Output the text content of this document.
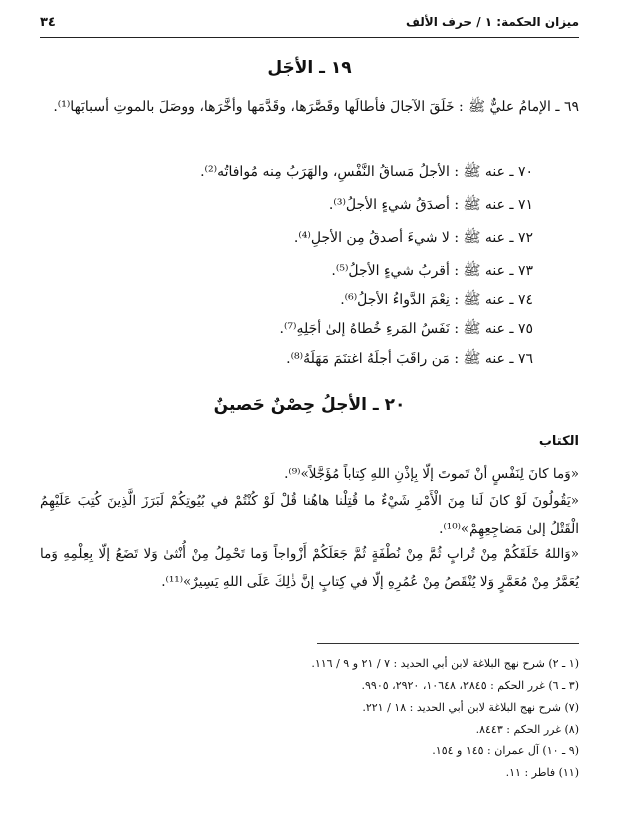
ميزان الحكمة: ١ / حرف الألف
٣٤
١٩ ـ الأجَل
٦٩ ـ الإمامُ عليٌّ ﷺ : خَلَقَ الآجالَ فأطالَها وقَصَّرَها، وقَدَّمَها وأخَّرَها، ووصَلَ بالموتِ أسبابَها⁽¹⁾.
٧٠ ـ عنه ﷺ : الأجلُ مَساقُ النَّفْسِ، والهَرَبُ مِنه مُوافاتُه⁽²⁾.
٧١ ـ عنه ﷺ : أصدَقُ شيءٍ الأجلُ⁽³⁾.
٧٢ ـ عنه ﷺ : لا شيءَ أصدقُ مِن الأجلِ⁽⁴⁾.
٧٣ ـ عنه ﷺ : أقربُ شيءٍ الأجلُ⁽⁵⁾.
٧٤ ـ عنه ﷺ : نِعْمَ الدَّواءُ الأجلُ⁽⁶⁾.
٧٥ ـ عنه ﷺ : نَفَسُ المَرءِ خُطاهُ إلىٰ أجَلِهِ⁽⁷⁾.
٧٦ ـ عنه ﷺ : مَن راقَبَ أجلَهُ اغتنَمَ مَهَلَهُ⁽⁸⁾.
٢٠ ـ الأجلُ حِصْنٌ حَصينٌ
الكتاب
«وَما كانَ لِنَفْسٍ أنْ تَموتَ إلّا بِإذْنِ اللهِ كِتاباً مُؤَجَّلاً»⁽⁹⁾.
«يَقُولُونَ لَوْ كانَ لَنا مِنَ الْأَمْرِ شَيْءٌ ما قُتِلْنا هاهُنا قُلْ لَوْ كُنْتُمْ في بُيُوتِكُمْ لَبَرَزَ الَّذِينَ كُتِبَ عَلَيْهِمُ الْقَتْلُ إلىٰ مَضاجِعِهِمْ»⁽¹⁰⁾.
«وَاللهُ خَلَقَكُمْ مِنْ تُرابٍ ثُمَّ مِنْ نُطْفَةٍ ثُمَّ جَعَلَكُمْ أَزْواجاً وَما تَحْمِلُ مِنْ أُنْثىٰ وَلا تَضَعُ إلّا بِعِلْمِهِ وَما يُعَمَّرُ مِنْ مُعَمَّرٍ وَلا يُنْقَصُ مِنْ عُمُرِهِ إلّا في كِتابٍ إنَّ ذٰلِكَ عَلَى اللهِ يَسِيرٌ»⁽¹¹⁾.
(١ ـ ٢) شرح نهج البلاغة لابن أبي الحديد : ٧ / ٢١ و ٩ / ١١٦.
(٣ ـ ٦) غرر الحكم : ٢٨٤٥، ١٠٦٤٨، ٢٩٢٠، ٩٩٠٥.
(٧) شرح نهج البلاغة لابن أبي الحديد : ١٨ / ٢٢١.
(٨) غرر الحكم : ٨٤٤٣.
(٩ ـ ١٠) آل عمران : ١٤٥ و ١٥٤.
(١١) فاطر : ١١.
